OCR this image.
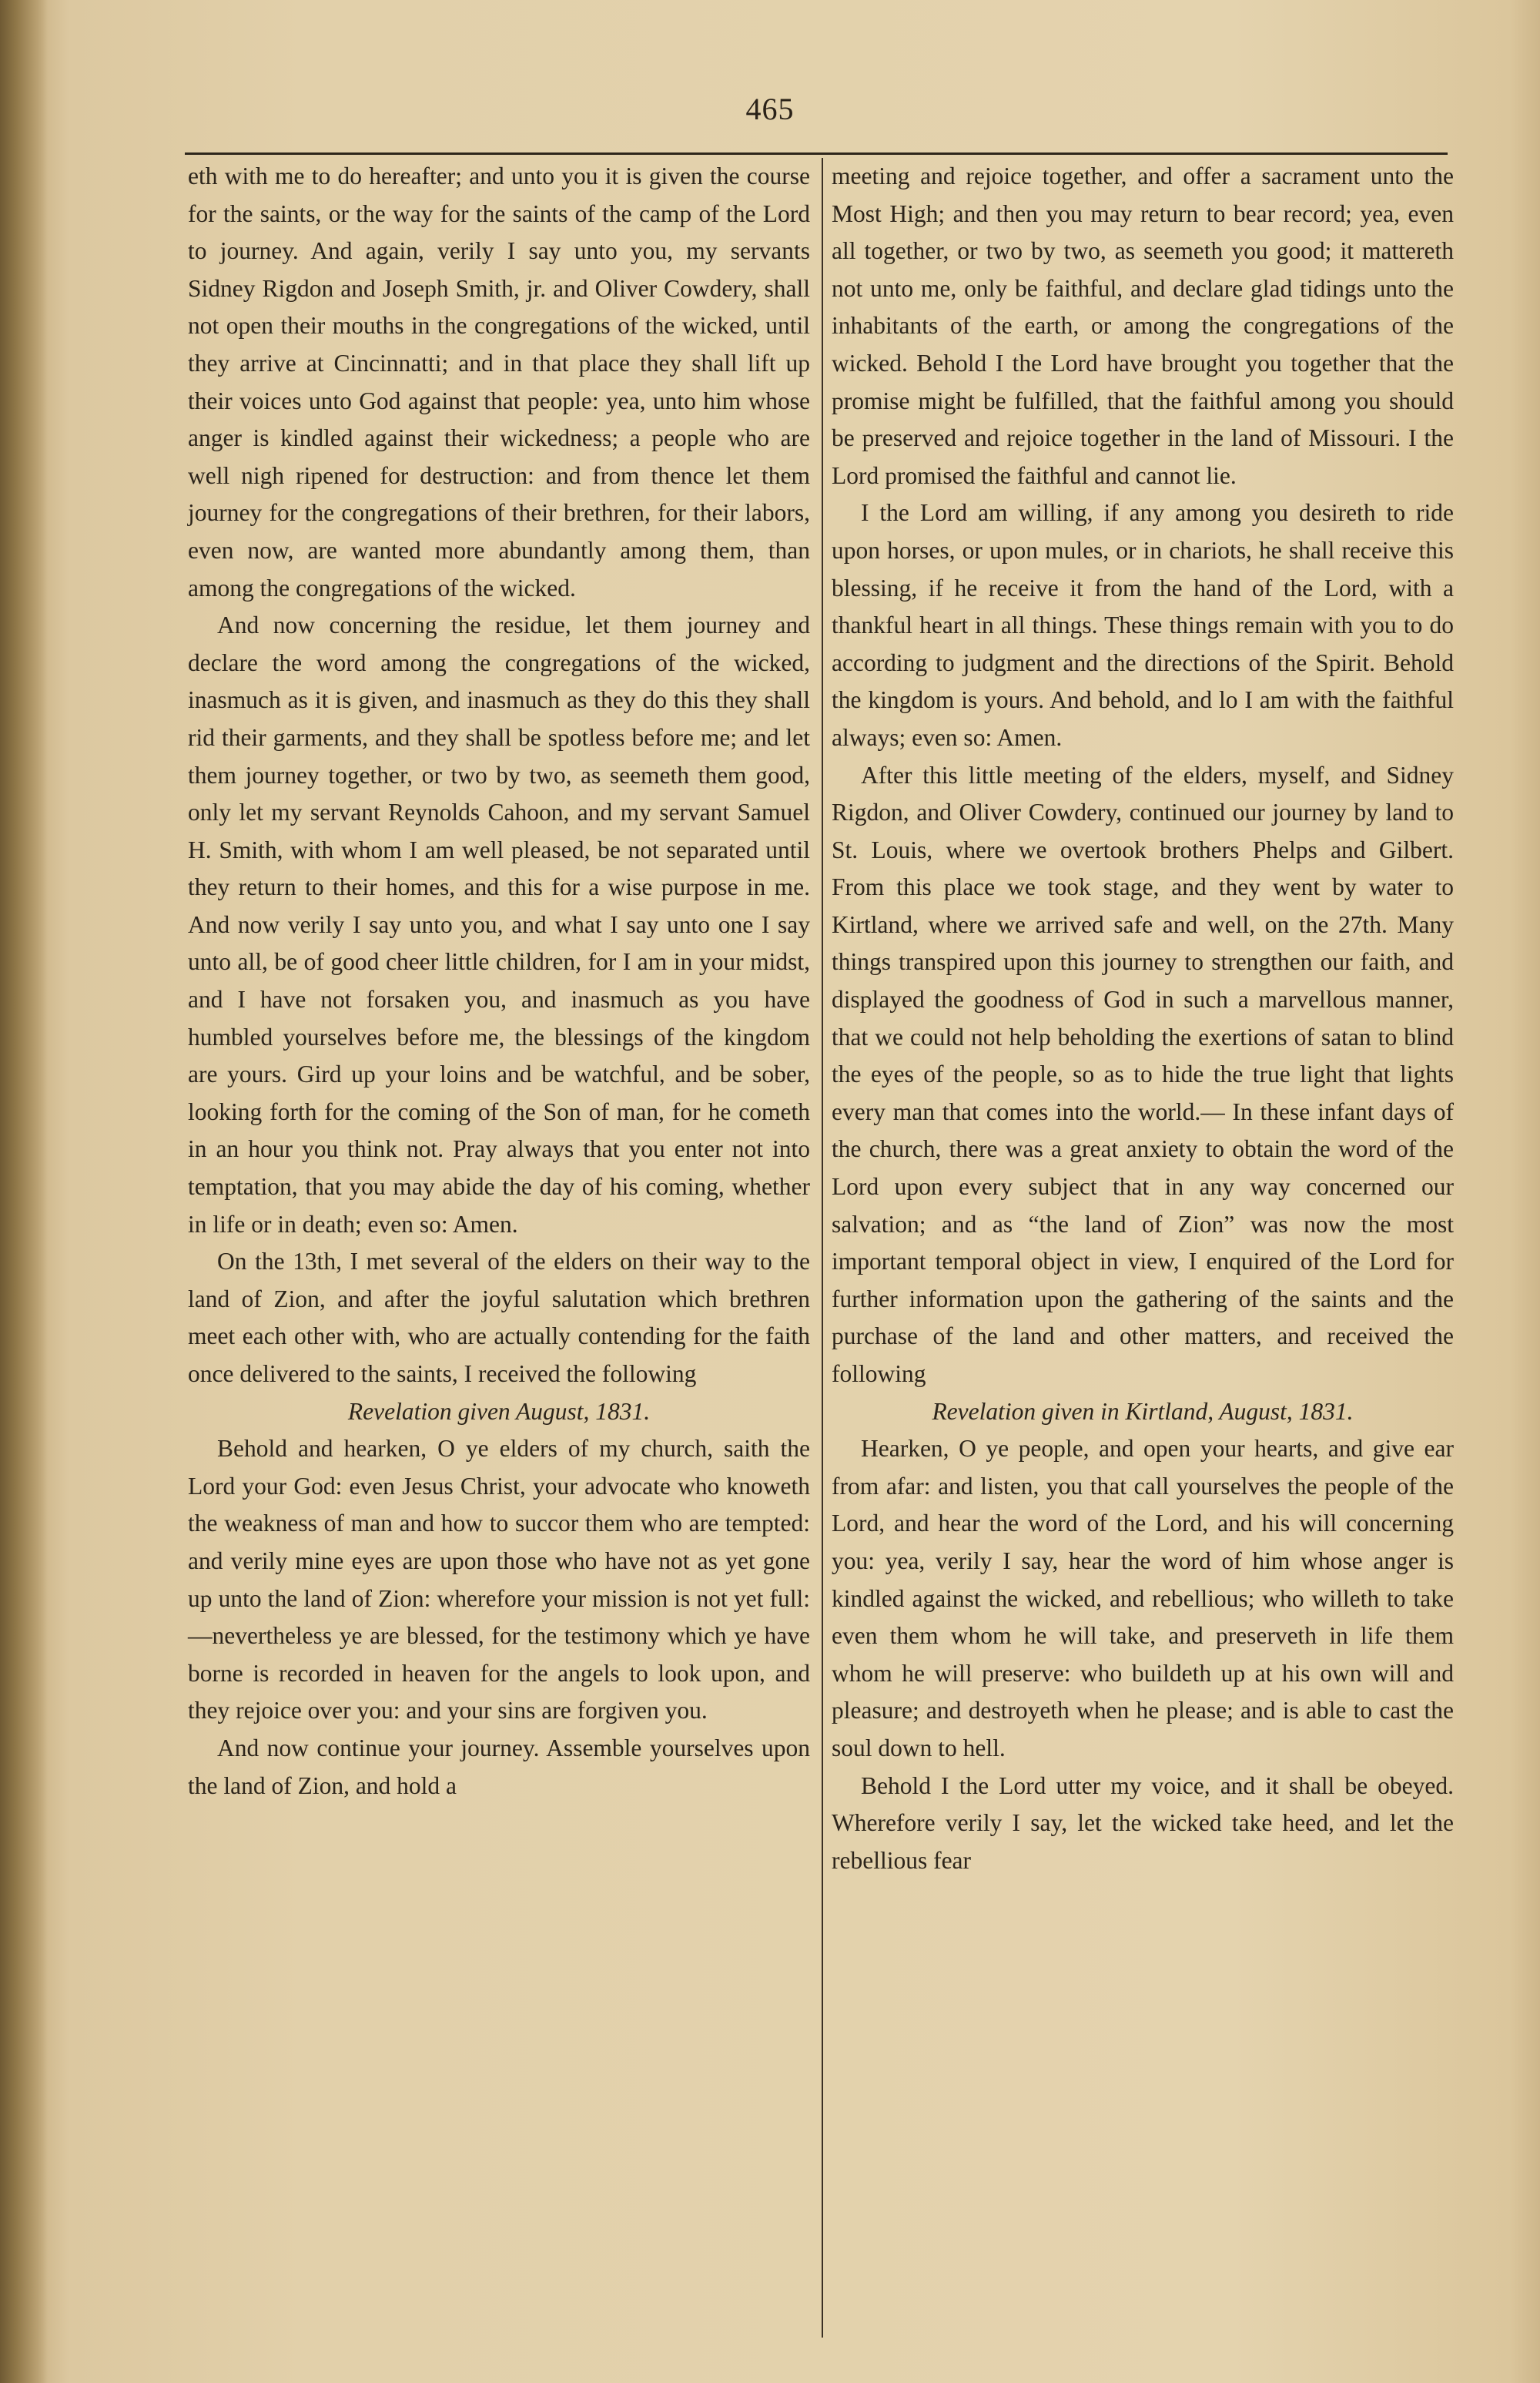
465

eth with me to do hereafter; and unto you it is given the course for the saints, or the way for the saints of the camp of the Lord to journey. And again, verily I say unto you, my servants Sidney Rigdon and Joseph Smith, jr. and Oliver Cowdery, shall not open their mouths in the congregations of the wicked, until they arrive at Cincinnatti; and in that place they shall lift up their voices unto God against that people: yea, unto him whose anger is kindled against their wickedness; a people who are well nigh ripened for destruction: and from thence let them journey for the congregations of their brethren, for their labors, even now, are wanted more abundantly among them, than among the congregations of the wicked.

And now concerning the residue, let them journey and declare the word among the congregations of the wicked, inasmuch as it is given, and inasmuch as they do this they shall rid their garments, and they shall be spotless before me; and let them journey together, or two by two, as seemeth them good, only let my servant Reynolds Cahoon, and my servant Samuel H. Smith, with whom I am well pleased, be not separated until they return to their homes, and this for a wise purpose in me. And now verily I say unto you, and what I say unto one I say unto all, be of good cheer little children, for I am in your midst, and I have not forsaken you, and inasmuch as you have humbled yourselves before me, the blessings of the kingdom are yours. Gird up your loins and be watchful, and be sober, looking forth for the coming of the Son of man, for he cometh in an hour you think not. Pray always that you enter not into temptation, that you may abide the day of his coming, whether in life or in death; even so: Amen.

On the 13th, I met several of the elders on their way to the land of Zion, and after the joyful salutation which brethren meet each other with, who are actually contending for the faith once delivered to the saints, I received the following

Revelation given August, 1831.

Behold and hearken, O ye elders of my church, saith the Lord your God: even Jesus Christ, your advocate who knoweth the weakness of man and how to succor them who are tempted: and verily mine eyes are upon those who have not as yet gone up unto the land of Zion: wherefore your mission is not yet full:—nevertheless ye are blessed, for the testimony which ye have borne is recorded in heaven for the angels to look upon, and they rejoice over you: and your sins are forgiven you.

And now continue your journey. Assemble yourselves upon the land of Zion, and hold a

meeting and rejoice together, and offer a sacrament unto the Most High; and then you may return to bear record; yea, even all together, or two by two, as seemeth you good; it mattereth not unto me, only be faithful, and declare glad tidings unto the inhabitants of the earth, or among the congregations of the wicked. Behold I the Lord have brought you together that the promise might be fulfilled, that the faithful among you should be preserved and rejoice together in the land of Missouri. I the Lord promised the faithful and cannot lie.

I the Lord am willing, if any among you desireth to ride upon horses, or upon mules, or in chariots, he shall receive this blessing, if he receive it from the hand of the Lord, with a thankful heart in all things. These things remain with you to do according to judgment and the directions of the Spirit. Behold the kingdom is yours. And behold, and lo I am with the faithful always; even so: Amen.

After this little meeting of the elders, myself, and Sidney Rigdon, and Oliver Cowdery, continued our journey by land to St. Louis, where we overtook brothers Phelps and Gilbert. From this place we took stage, and they went by water to Kirtland, where we arrived safe and well, on the 27th. Many things transpired upon this journey to strengthen our faith, and displayed the goodness of God in such a marvellous manner, that we could not help beholding the exertions of satan to blind the eyes of the people, so as to hide the true light that lights every man that comes into the world.— In these infant days of the church, there was a great anxiety to obtain the word of the Lord upon every subject that in any way concerned our salvation; and as “the land of Zion” was now the most important temporal object in view, I enquired of the Lord for further information upon the gathering of the saints and the purchase of the land and other matters, and received the following

Revelation given in Kirtland, August, 1831.

Hearken, O ye people, and open your hearts, and give ear from afar: and listen, you that call yourselves the people of the Lord, and hear the word of the Lord, and his will concerning you: yea, verily I say, hear the word of him whose anger is kindled against the wicked, and rebellious; who willeth to take even them whom he will take, and preserveth in life them whom he will preserve: who buildeth up at his own will and pleasure; and destroyeth when he please; and is able to cast the soul down to hell.

Behold I the Lord utter my voice, and it shall be obeyed. Wherefore verily I say, let the wicked take heed, and let the rebellious fear
